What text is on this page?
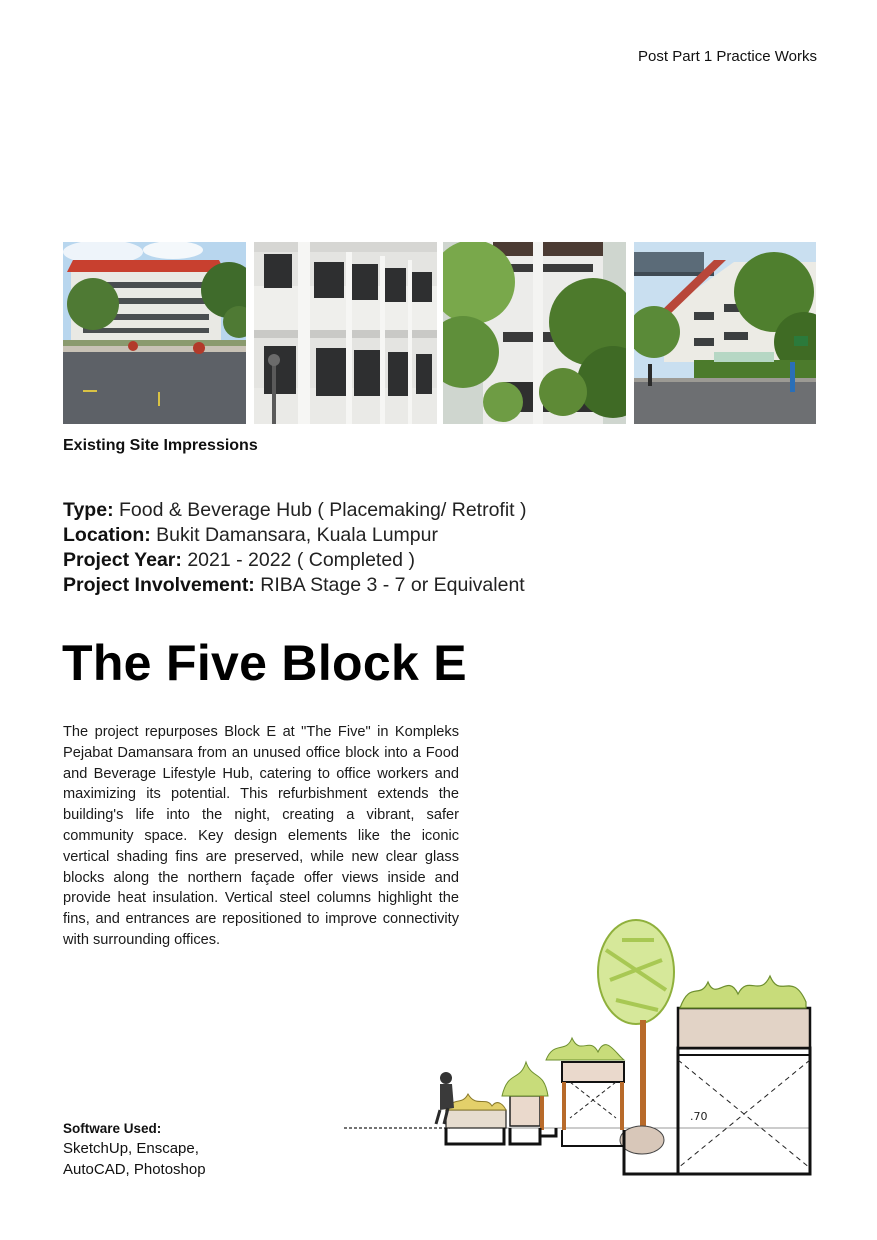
Post Part 1 Practice Works
Existing Site Impressions
Type: Food & Beverage Hub ( Placemaking/ Retrofit )
Location: Bukit Damansara, Kuala Lumpur
Project Year: 2021 - 2022 ( Completed )
Project Involvement: RIBA Stage 3 - 7 or Equivalent
The Five Block E
The project repurposes Block E at "The Five" in Kompleks Pejabat Damansara from an unused office block into a Food and Beverage Lifestyle Hub, catering to office workers and maximizing its potential. This refurbishment extends the building's life into the night, creating a vibrant, safer community space. Key design elements like the iconic vertical shading fins are preserved, while new clear glass blocks along the northern façade offer views inside and provide heat insulation. Vertical steel columns highlight the fins, and entrances are repositioned to improve connectivity with surrounding offices.
Software Used:
SketchUp, Enscape, AutoCAD, Photoshop
.70
